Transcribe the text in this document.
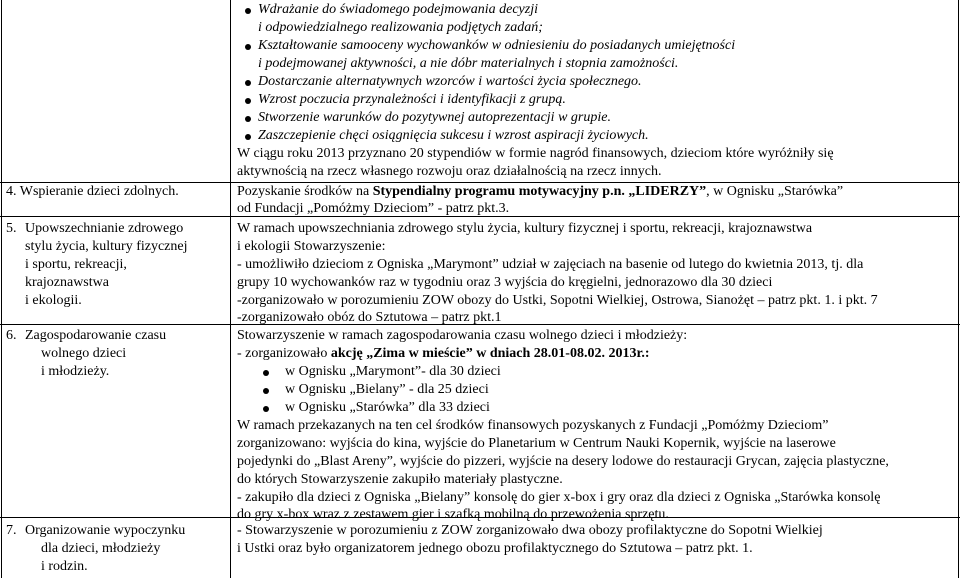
Wdrażanie do świadomego podejmowania decyzji
i odpowiedzialnego realizowania podjętych zadań;
Kształtowanie samooceny wychowanków w odniesieniu do posiadanych umiejętności
i podejmowanej aktywności, a nie dóbr materialnych i stopnia zamożności.
Dostarczanie alternatywnych wzorców i wartości życia społecznego.
Wzrost poczucia przynależności i identyfikacji z grupą.
Stworzenie warunków do pozytywnej autoprezentacji w grupie.
Zaszczepienie chęci osiągnięcia sukcesu i wzrost aspiracji życiowych.
W ciągu roku 2013 przyznano 20 stypendiów w formie nagród finansowych, dzieciom które wyróżniły się
aktywnością na rzecz własnego rozwoju oraz działalnością na rzecz innych.
4. Wspieranie dzieci zdolnych.	Pozyskanie środków na Stypendialny programu motywacyjny p.n. „LIDERZY”, w Ognisku „Starówka”
od Fundacji „Pomóżmy Dzieciom” - patrz pkt.3.
5. Upowszechnianie zdrowego
stylu życia, kultury fizycznej
i sportu, rekreacji,
krajoznawstwa
i ekologii.
W ramach upowszechniania zdrowego stylu życia, kultury fizycznej i sportu, rekreacji, krajoznawstwa
i ekologii Stowarzyszenie:
- umożliwiło dzieciom z Ogniska „Marymont” udział w zajęciach na basenie od lutego do kwietnia 2013, tj. dla
grupy 10 wychowanków raz w tygodniu oraz 3 wyjścia do kręgielni, jednorazowo dla 30 dzieci
-zorganizowało w porozumieniu ZOW obozy do Ustki, Sopotni Wielkiej, Ostrowa, Sianożęt – patrz pkt. 1. i pkt. 7
-zorganizowało obóz do Sztutowa – patrz pkt.1
6. Zagospodarowanie czasu
wolnego dzieci
i młodzieży.
Stowarzyszenie w ramach zagospodarowania czasu wolnego dzieci i młodzieży:
- zorganizowało akcję „Zima w mieście” w dniach 28.01-08.02. 2013r.:
w Ognisku „Marymont”- dla 30 dzieci
w Ognisku „Bielany” - dla 25 dzieci
w Ognisku „Starówka” dla 33 dzieci
W ramach przekazanych na ten cel środków finansowych pozyskanych z Fundacji „Pomóżmy Dzieciom”
zorganizowano: wyjścia do kina, wyjście do Planetarium w Centrum Nauki Kopernik, wyjście na laserowe
pojedynki do „Blast Areny”, wyjście do pizzeri, wyjście na desery lodowe do restauracji Grycan, zajęcia plastyczne,
do których Stowarzyszenie zakupiło materiały plastyczne.
- zakupiło dla dzieci z Ogniska „Bielany” konsolę do gier x-box i gry oraz dla dzieci z Ogniska „Starówka konsolę
do gry x-box wraz z zestawem gier i szafką mobilną do przewożenia sprzętu.
7. Organizowanie wypoczynku
dla dzieci, młodzieży
i rodzin.
- Stowarzyszenie w porozumieniu z ZOW zorganizowało dwa obozy profilaktyczne do Sopotni Wielkiej
i Ustki oraz było organizatorem jednego obozu profilaktycznego do Sztutowa – patrz pkt. 1.
